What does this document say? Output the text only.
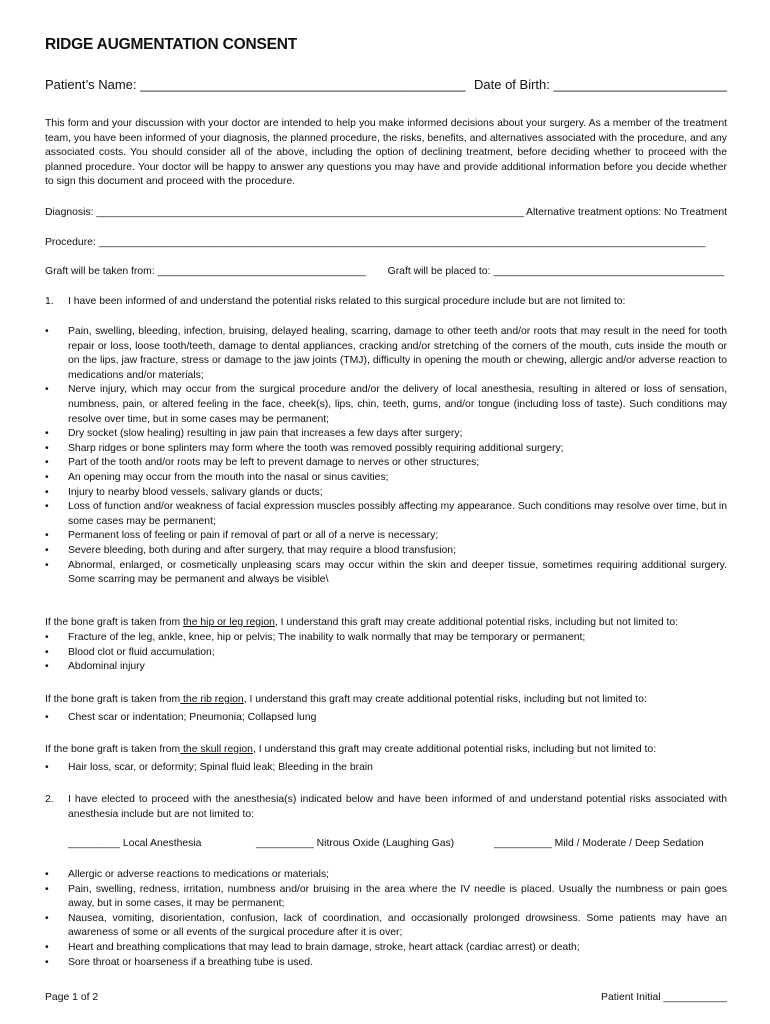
RIDGE AUGMENTATION CONSENT
Patient’s Name: _____________________________________________ Date of Birth: ________________________
This form and your discussion with your doctor are intended to help you make informed decisions about your surgery. As a member of the treatment team, you have been informed of your diagnosis, the planned procedure, the risks, benefits, and alternatives associated with the procedure, and any associated costs. You should consider all of the above, including the option of declining treatment, before deciding whether to proceed with the planned procedure. Your doctor will be happy to answer any questions you may have and provide additional information before you decide whether to sign this document and proceed with the procedure.
Diagnosis: __________________________________________________________________________ Alternative treatment options: No Treatment
Procedure: _________________________________________________________________________________________________________
Graft will be taken from: ____________________________________ Graft will be placed to: ________________________________________
1. I have been informed of and understand the potential risks related to this surgical procedure include but are not limited to:
• Pain, swelling, bleeding, infection, bruising, delayed healing, scarring, damage to other teeth and/or roots that may result in the need for tooth repair or loss, loose tooth/teeth, damage to dental appliances, cracking and/or stretching of the corners of the mouth, cuts inside the mouth or on the lips, jaw fracture, stress or damage to the jaw joints (TMJ), difficulty in opening the mouth or chewing, allergic and/or adverse reaction to medications and/or materials;
• Nerve injury, which may occur from the surgical procedure and/or the delivery of local anesthesia, resulting in altered or loss of sensation, numbness, pain, or altered feeling in the face, cheek(s), lips, chin, teeth, gums, and/or tongue (including loss of taste). Such conditions may resolve over time, but in some cases may be permanent;
• Dry socket (slow healing) resulting in jaw pain that increases a few days after surgery;
• Sharp ridges or bone splinters may form where the tooth was removed possibly requiring additional surgery;
• Part of the tooth and/or roots may be left to prevent damage to nerves or other structures;
• An opening may occur from the mouth into the nasal or sinus cavities;
• Injury to nearby blood vessels, salivary glands or ducts;
• Loss of function and/or weakness of facial expression muscles possibly affecting my appearance. Such conditions may resolve over time, but in some cases may be permanent;
• Permanent loss of feeling or pain if removal of part or all of a nerve is necessary;
• Severe bleeding, both during and after surgery, that may require a blood transfusion;
• Abnormal, enlarged, or cosmetically unpleasing scars may occur within the skin and deeper tissue, sometimes requiring additional surgery. Some scarring may be permanent and always be visible\
If the bone graft is taken from the hip or leg region, I understand this graft may create additional potential risks, including but not limited to:
• Fracture of the leg, ankle, knee, hip or pelvis; The inability to walk normally that may be temporary or permanent;
• Blood clot or fluid accumulation;
• Abdominal injury
If the bone graft is taken from the rib region, I understand this graft may create additional potential risks, including but not limited to:
• Chest scar or indentation; Pneumonia; Collapsed lung
If the bone graft is taken from the skull region, I understand this graft may create additional potential risks, including but not limited to:
• Hair loss, scar, or deformity; Spinal fluid leak; Bleeding in the brain
2. I have elected to proceed with the anesthesia(s) indicated below and have been informed of and understand potential risks associated with anesthesia include but are not limited to:
_________ Local Anesthesia	__________ Nitrous Oxide (Laughing Gas)	__________ Mild / Moderate / Deep Sedation
• Allergic or adverse reactions to medications or materials;
• Pain, swelling, redness, irritation, numbness and/or bruising in the area where the IV needle is placed. Usually the numbness or pain goes away, but in some cases, it may be permanent;
• Nausea, vomiting, disorientation, confusion, lack of coordination, and occasionally prolonged drowsiness. Some patients may have an awareness of some or all events of the surgical procedure after it is over;
• Heart and breathing complications that may lead to brain damage, stroke, heart attack (cardiac arrest) or death;
• Sore throat or hoarseness if a breathing tube is used.
Page 1 of 2	Patient Initial ___________
